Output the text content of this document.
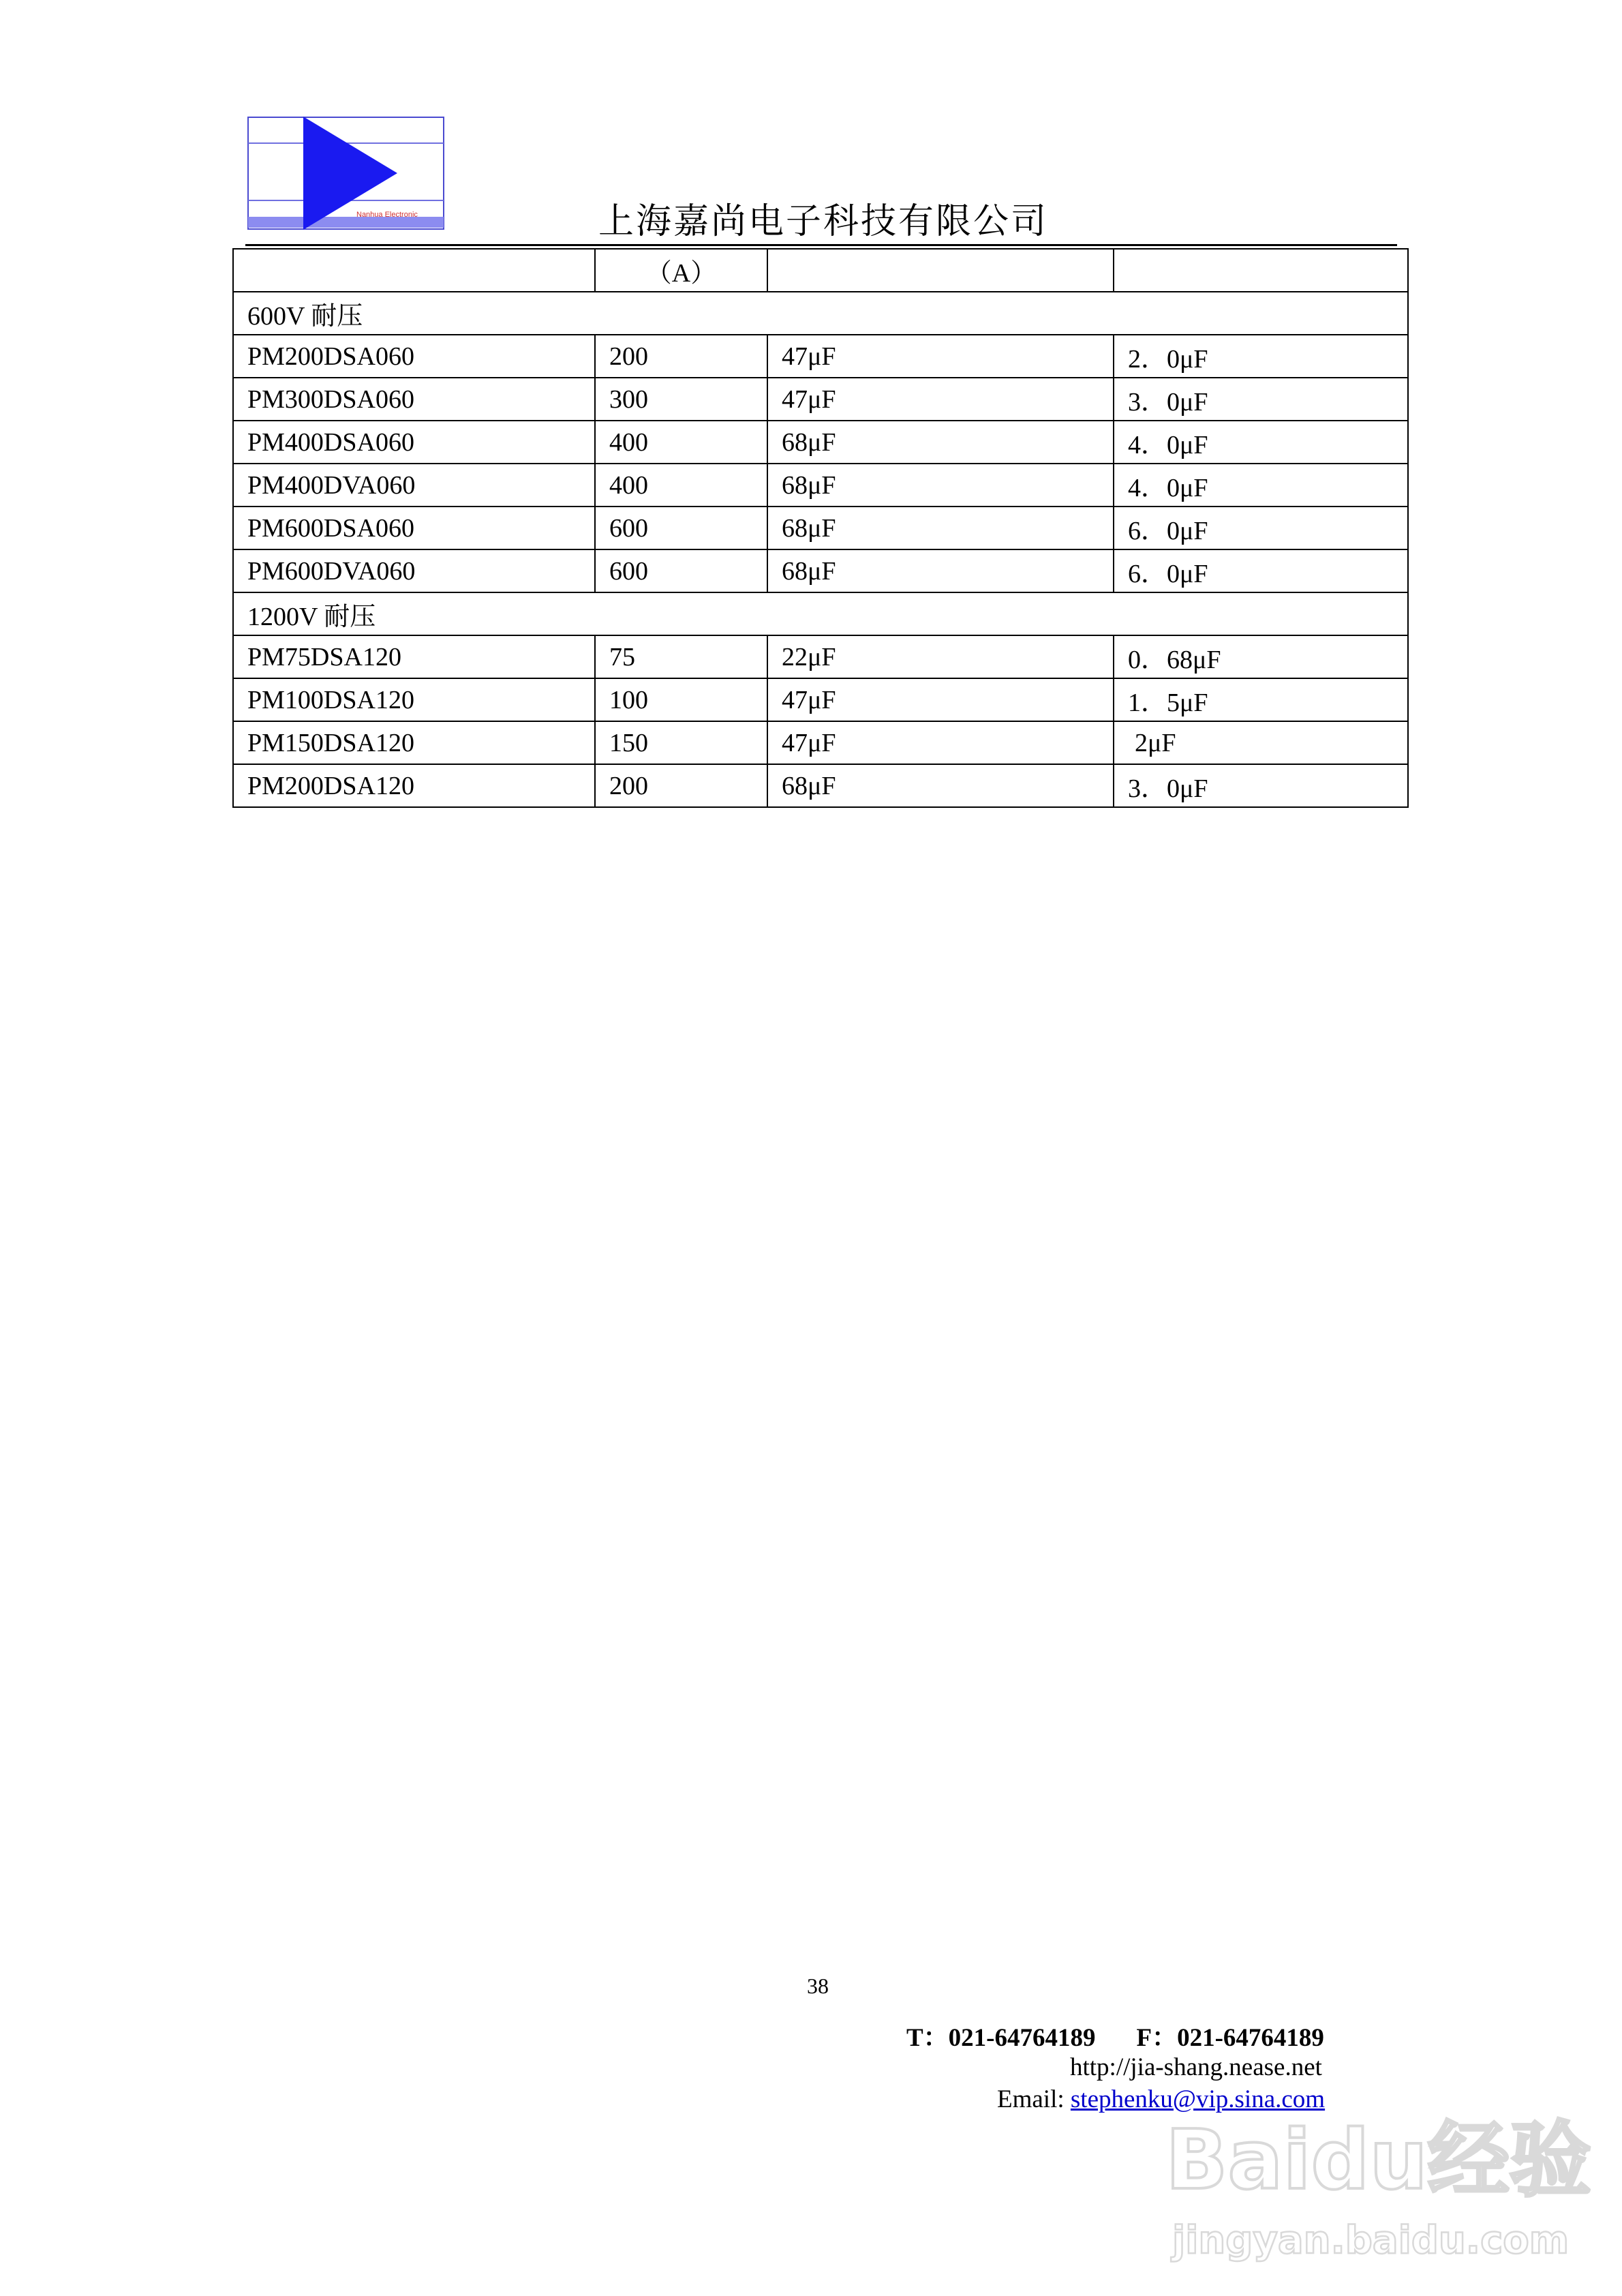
Nanhua Electronic	上海嘉尚电子科技有限公司
	（A）		
600V 耐压			
PM200DSA060	200	47μF	2．0μF
PM300DSA060	300	47μF	3．0μF
PM400DSA060	400	68μF	4．0μF
PM400DVA060	400	68μF	4．0μF
PM600DSA060	600	68μF	6．0μF
PM600DVA060	600	68μF	6．0μF
1200V 耐压			
PM75DSA120	75	22μF	0．68μF
PM100DSA120	100	47μF	1．5μF
PM150DSA120	150	47μF	2μF
PM200DSA120	200	68μF	3．0μF
38
T：021-64764189 F：021-64764189
http://jia-shang.nease.net
Email: stephenku@vip.sina.com
Baidu经验
jingyan.baidu.com
